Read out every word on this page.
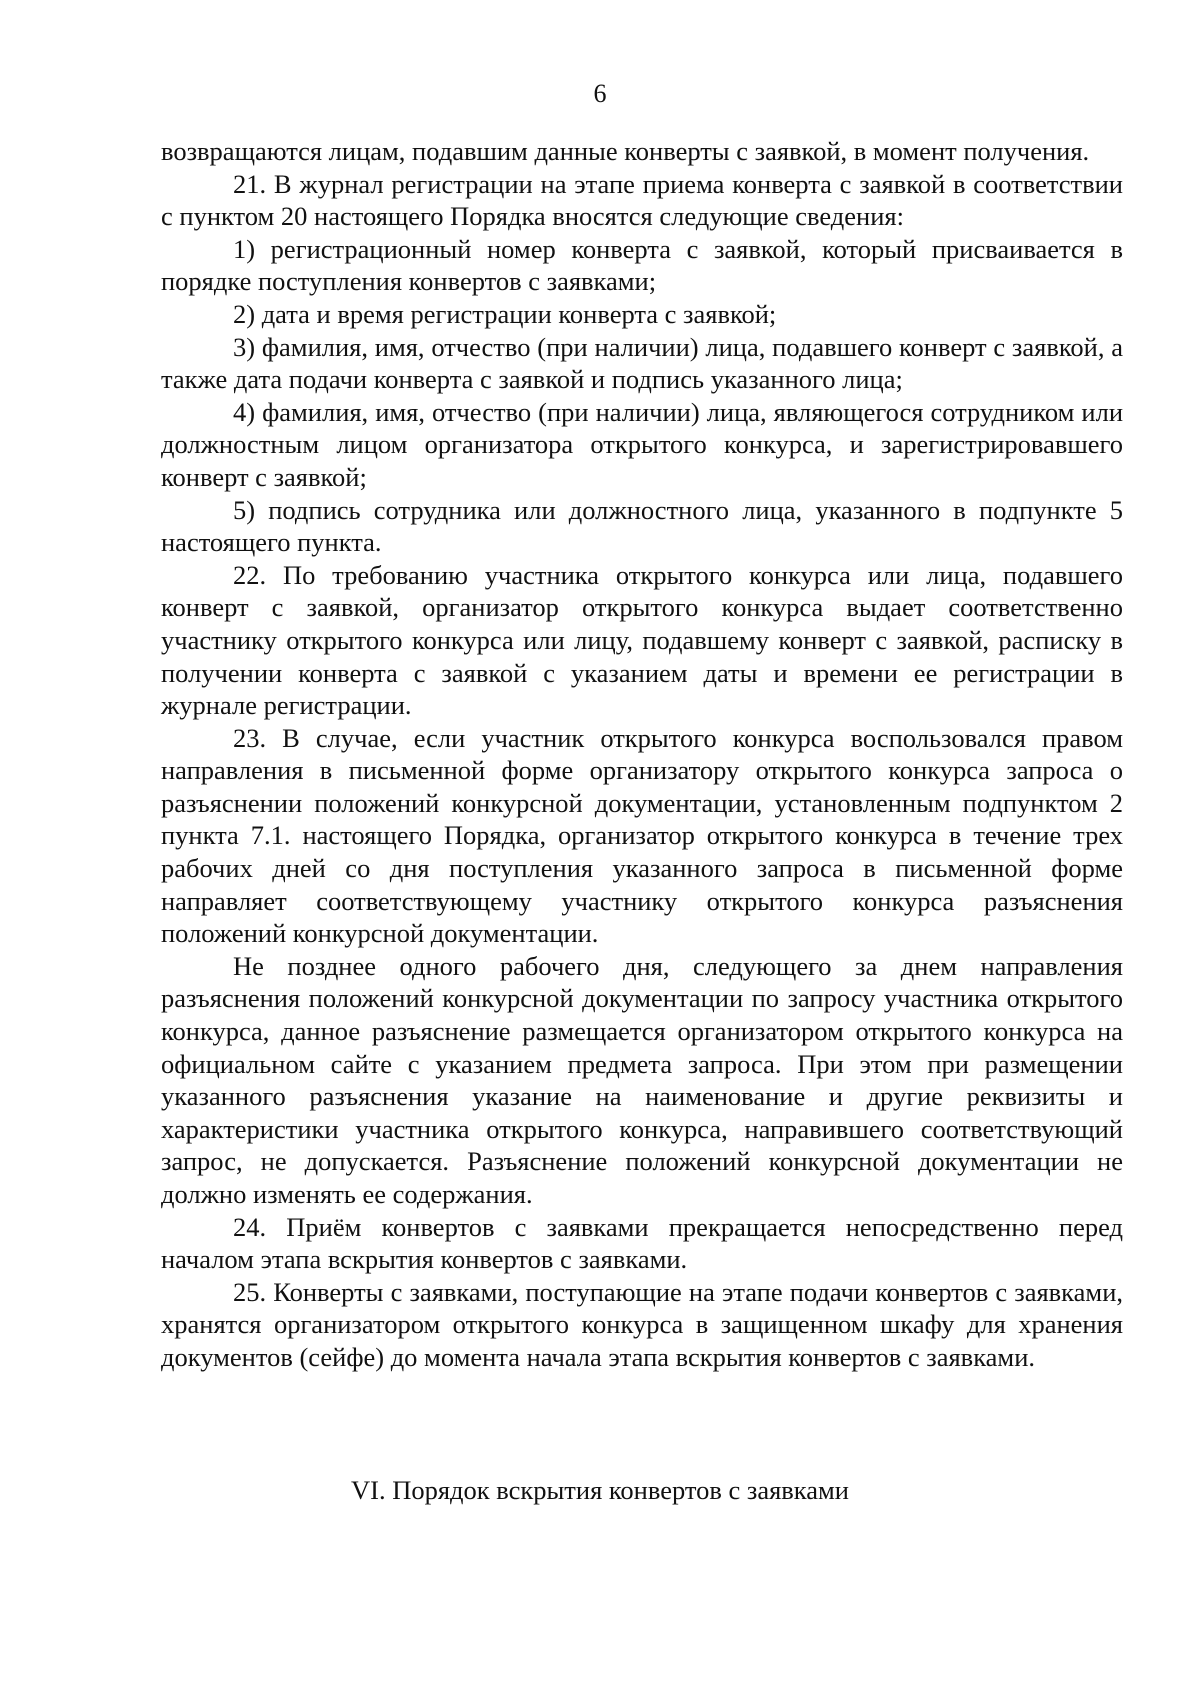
6

возвращаются лицам, подавшим данные конверты с заявкой, в момент получения.

21. В журнал регистрации на этапе приема конверта с заявкой в соответствии с пунктом 20 настоящего Порядка вносятся следующие сведения:

1) регистрационный номер конверта с заявкой, который присваивается в порядке поступления конвертов с заявками;

2) дата и время регистрации конверта с заявкой;

3) фамилия, имя, отчество (при наличии) лица, подавшего конверт с заявкой, а также дата подачи конверта с заявкой и подпись указанного лица;

4) фамилия, имя, отчество (при наличии) лица, являющегося сотрудником или должностным лицом организатора открытого конкурса, и зарегистрировавшего конверт с заявкой;

5) подпись сотрудника или должностного лица, указанного в подпункте 5 настоящего пункта.

22. По требованию участника открытого конкурса или лица, подавшего конверт с заявкой, организатор открытого конкурса выдает соответственно участнику открытого конкурса или лицу, подавшему конверт с заявкой, расписку в получении конверта с заявкой с указанием даты и времени ее регистрации в журнале регистрации.

23. В случае, если участник открытого конкурса воспользовался правом направления в письменной форме организатору открытого конкурса запроса о разъяснении положений конкурсной документации, установленным подпунктом 2 пункта 7.1. настоящего Порядка, организатор открытого конкурса в течение трех рабочих дней со дня поступления указанного запроса в письменной форме направляет соответствующему участнику открытого конкурса разъяснения положений конкурсной документации.

Не позднее одного рабочего дня, следующего за днем направления разъяснения положений конкурсной документации по запросу участника открытого конкурса, данное разъяснение размещается организатором открытого конкурса на официальном сайте с указанием предмета запроса. При этом при размещении указанного разъяснения указание на наименование и другие реквизиты и характеристики участника открытого конкурса, направившего соответствующий запрос, не допускается. Разъяснение положений конкурсной документации не должно изменять ее содержания.

24. Приём конвертов с заявками прекращается непосредственно перед началом этапа вскрытия конвертов с заявками.

25. Конверты с заявками, поступающие на этапе подачи конвертов с заявками, хранятся организатором открытого конкурса в защищенном шкафу для хранения документов (сейфе) до момента начала этапа вскрытия конвертов с заявками.

VI. Порядок вскрытия конвертов с заявками
